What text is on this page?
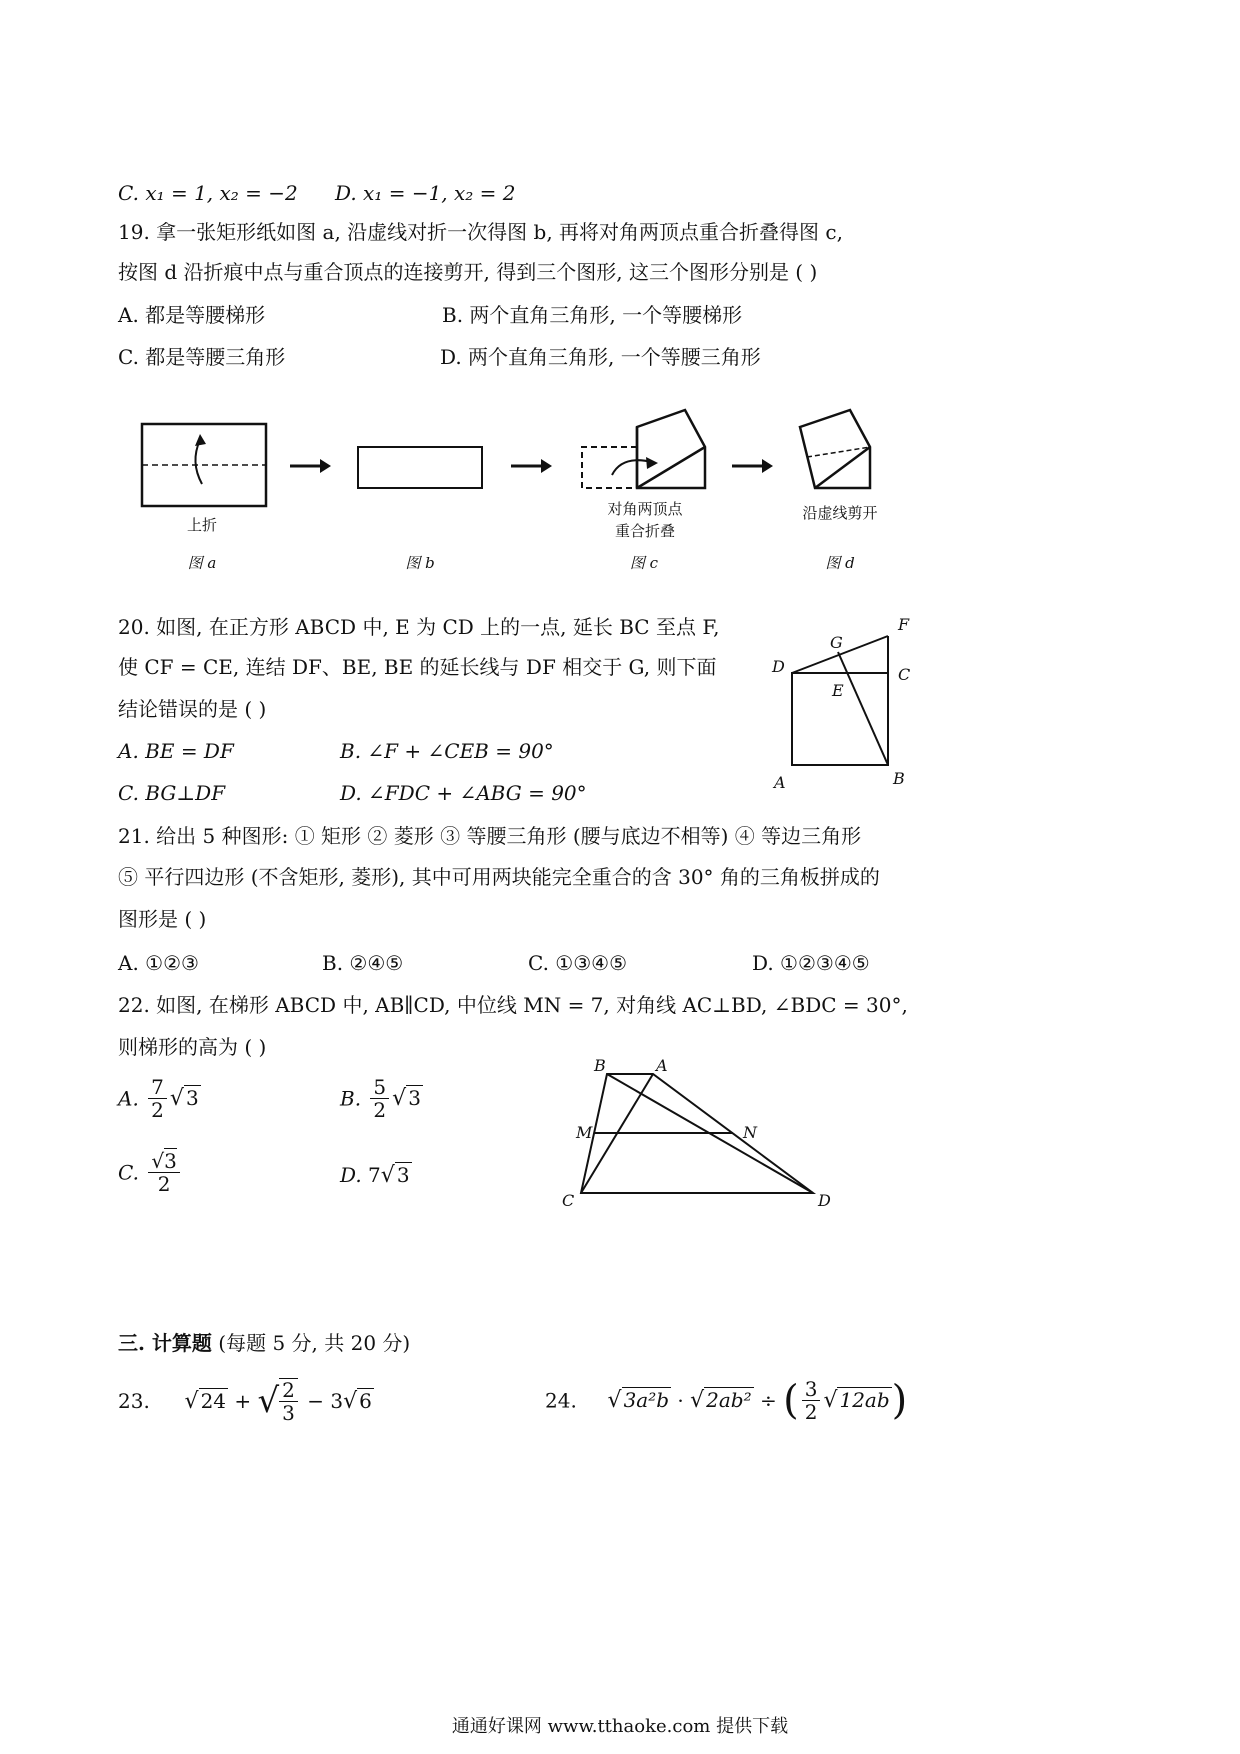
C. x₁ = 1, x₂ = −2 D. x₁ = −1, x₂ = 2
19. 拿一张矩形纸如图 a, 沿虚线对折一次得图 b, 再将对角两顶点重合折叠得图 c,
按图 d 沿折痕中点与重合顶点的连接剪开, 得到三个图形, 这三个图形分别是 ( )
A. 都是等腰梯形	B. 两个直角三角形, 一个等腰梯形
C. 都是等腰三角形	D. 两个直角三角形, 一个等腰三角形
上折
对角两顶点
重合折叠
沿虚线剪开
图 a	图 b	图 c	图 d
20. 如图, 在正方形 ABCD 中, E 为 CD 上的一点, 延长 BC 至点 F,
使 CF = CE, 连结 DF、BE, BE 的延长线与 DF 相交于 G, 则下面
结论错误的是 ( )
A. BE = DF	B. ∠F + ∠CEB = 90°
C. BG⊥DF	D. ∠FDC + ∠ABG = 90°
F
G
D	C
E
A	B
21. 给出 5 种图形: ① 矩形 ② 菱形 ③ 等腰三角形 (腰与底边不相等) ④ 等边三角形
⑤ 平行四边形 (不含矩形, 菱形), 其中可用两块能完全重合的含 30° 角的三角板拼成的
图形是 ( )
A. ①②③	B. ②④⑤	C. ①③④⑤	D. ①②③④⑤
22. 如图, 在梯形 ABCD 中, AB∥CD, 中位线 MN = 7, 对角线 AC⊥BD, ∠BDC = 30°,
则梯形的高为 ( )
A. $\frac{7}{2}$ √ 3	B. $\frac{5}{2}$ √ 3
C. $\frac{√3}{2}$	D. 7√ 3
B	A
M	N
C	D
三. 计算题 (每题 5 分, 共 20 分)
23. √ 24 + √ $\frac{2}{3} - 3√$ 6	24. √ 3a²b · √ 2ab² ÷ ( $\frac{3}{2}$ √ 12ab)
通通好课网 www.tthaoke.com 提供下载
